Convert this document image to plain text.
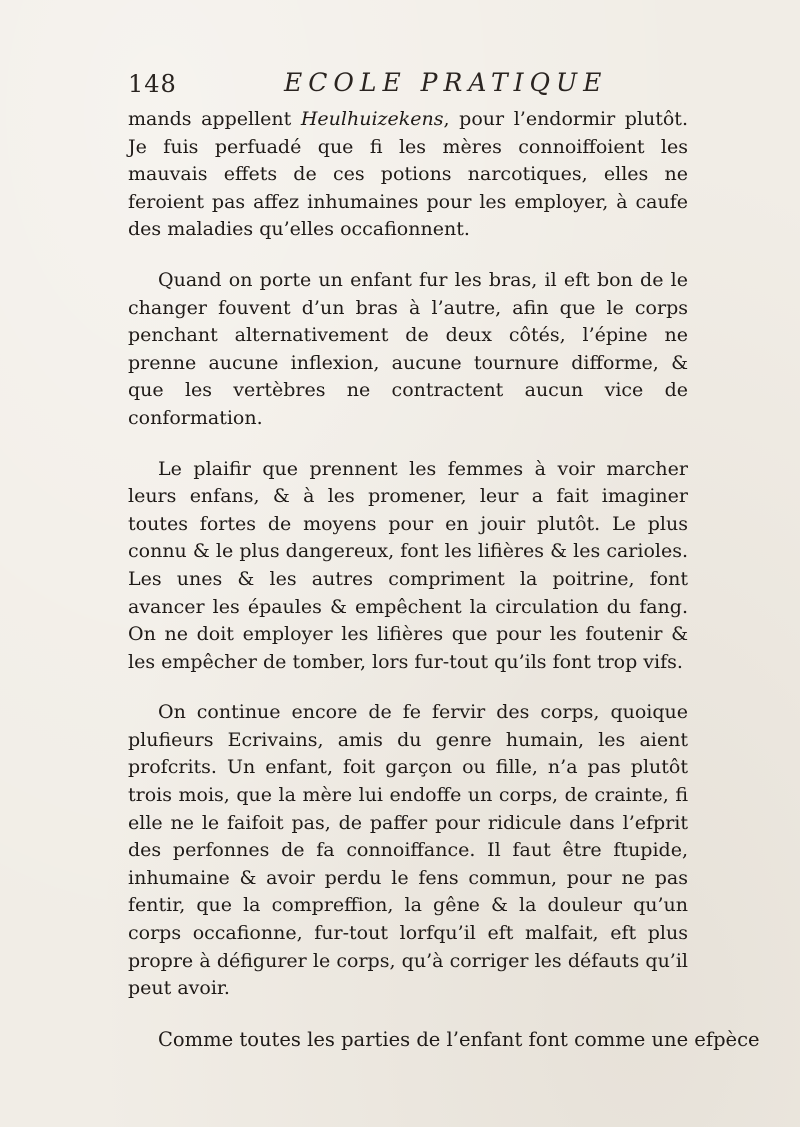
148	ECOLE PRATIQUE

mands appellent Heulhuizekens, pour l’endormir plutôt. Je fuis perfuadé que fi les mères connoiffoient les mauvais effets de ces potions narcotiques, elles ne feroient pas affez inhumaines pour les employer, à caufe des maladies qu’elles occafionnent.

Quand on porte un enfant fur les bras, il eft bon de le changer fouvent d’un bras à l’autre, afin que le corps penchant alternativement de deux côtés, l’épine ne prenne aucune inflexion, aucune tournure difforme, & que les vertèbres ne contractent aucun vice de conformation.

Le plaifir que prennent les femmes à voir marcher leurs enfans, & à les promener, leur a fait imaginer toutes fortes de moyens pour en jouir plutôt. Le plus connu & le plus dangereux, font les lifières & les carioles. Les unes & les autres compriment la poitrine, font avancer les épaules & empêchent la circulation du fang. On ne doit employer les lifières que pour les foutenir & les empêcher de tomber, lors fur-tout qu’ils font trop vifs.

On continue encore de fe fervir des corps, quoique plufieurs Ecrivains, amis du genre humain, les aient profcrits. Un enfant, foit garçon ou fille, n’a pas plutôt trois mois, que la mère lui endoffe un corps, de crainte, fi elle ne le faifoit pas, de paffer pour ridicule dans l’efprit des perfonnes de fa connoiffance. Il faut être ftupide, inhumaine & avoir perdu le fens commun, pour ne pas fentir, que la compreffion, la gêne & la douleur qu’un corps occafionne, fur-tout lorfqu’il eft malfait, eft plus propre à défigurer le corps, qu’à corriger les défauts qu’il peut avoir.

Comme toutes les parties de l’enfant font comme une efpèce
